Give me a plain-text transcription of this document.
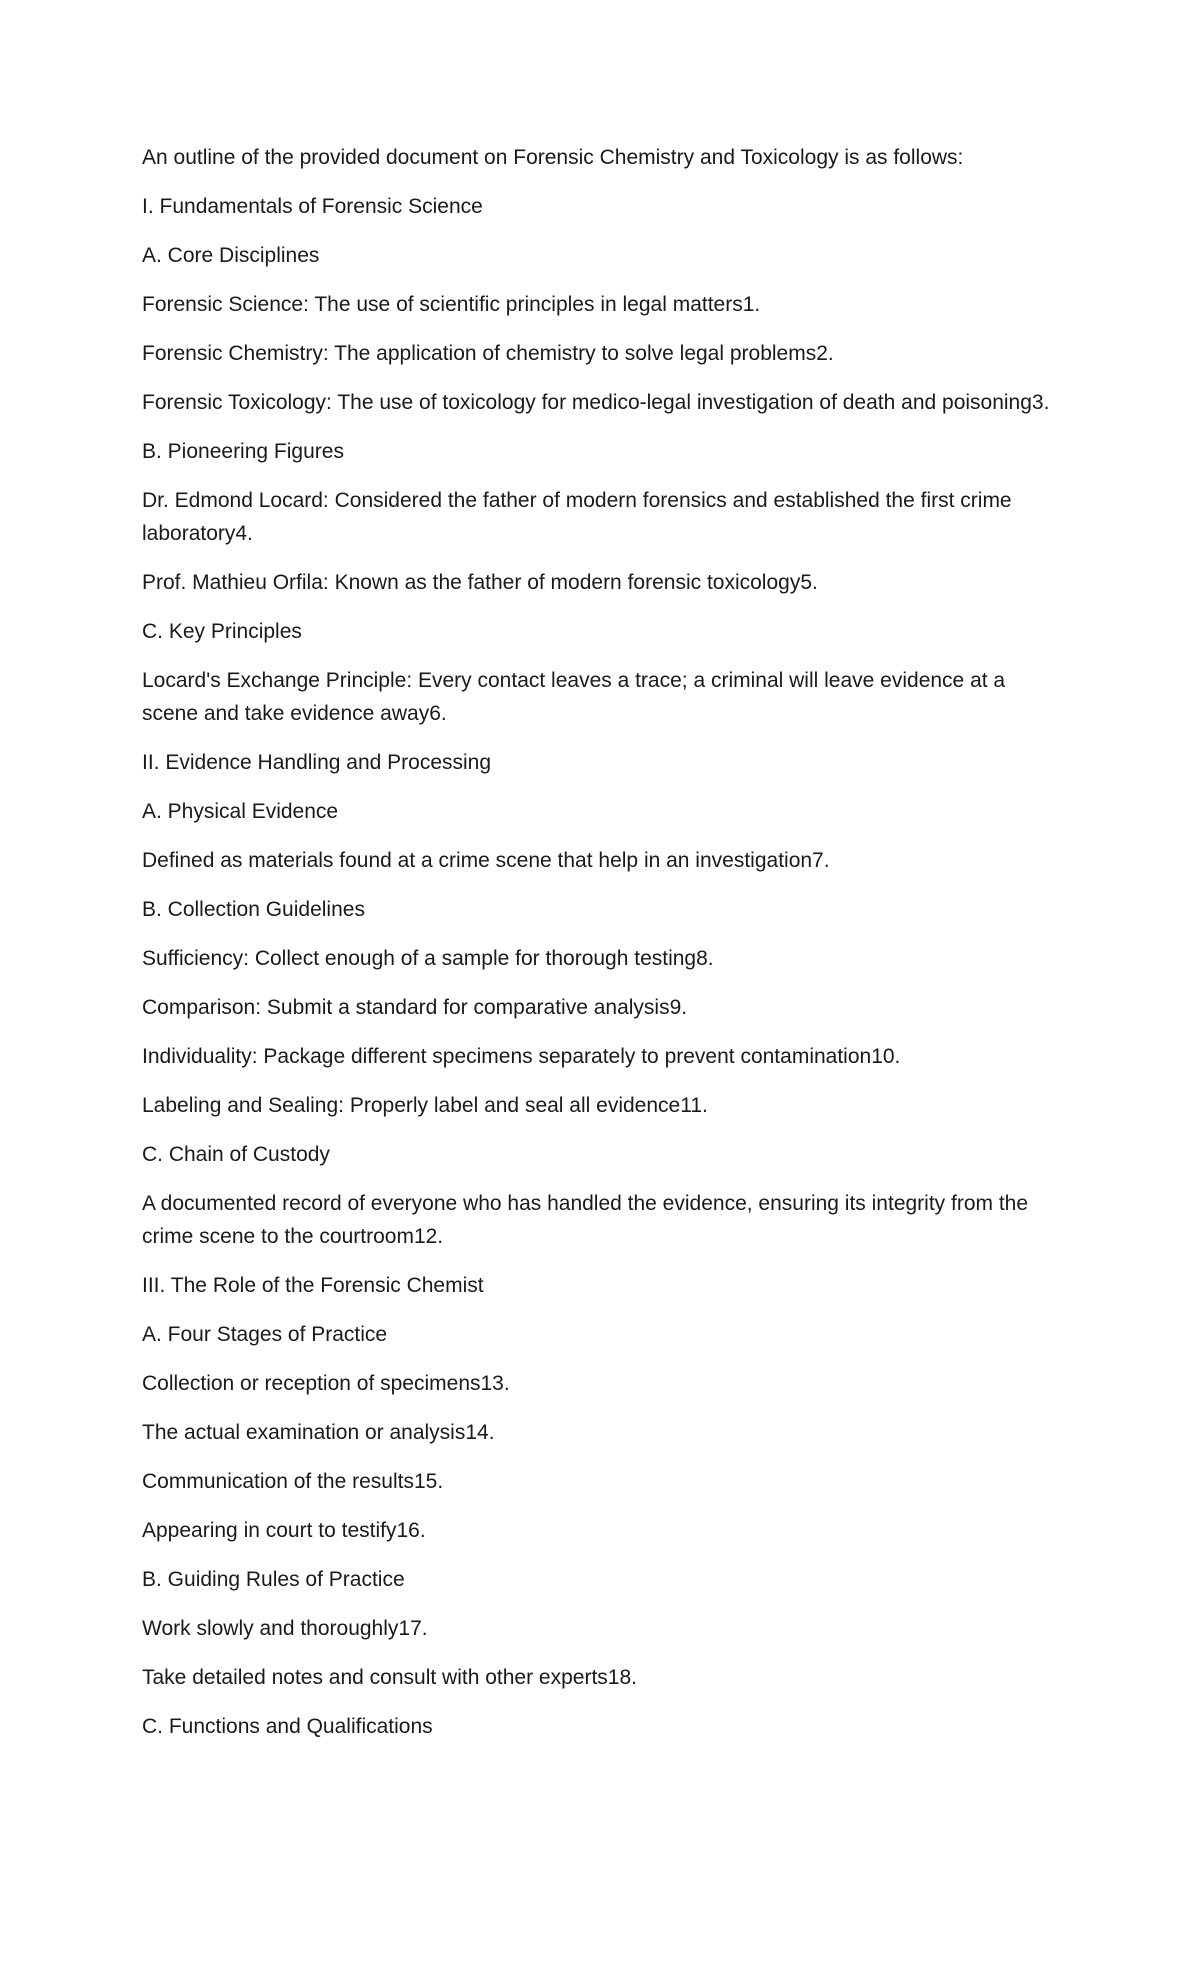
An outline of the provided document on Forensic Chemistry and Toxicology is as follows:

I. Fundamentals of Forensic Science

A. Core Disciplines

Forensic Science: The use of scientific principles in legal matters1.

Forensic Chemistry: The application of chemistry to solve legal problems2.

Forensic Toxicology: The use of toxicology for medico-legal investigation of death and poisoning3.

B. Pioneering Figures

Dr. Edmond Locard: Considered the father of modern forensics and established the first crime laboratory4.

Prof. Mathieu Orfila: Known as the father of modern forensic toxicology5.

C. Key Principles

Locard's Exchange Principle: Every contact leaves a trace; a criminal will leave evidence at a scene and take evidence away6.

II. Evidence Handling and Processing

A. Physical Evidence

Defined as materials found at a crime scene that help in an investigation7.

B. Collection Guidelines

Sufficiency: Collect enough of a sample for thorough testing8.

Comparison: Submit a standard for comparative analysis9.

Individuality: Package different specimens separately to prevent contamination10.

Labeling and Sealing: Properly label and seal all evidence11.

C. Chain of Custody

A documented record of everyone who has handled the evidence, ensuring its integrity from the crime scene to the courtroom12.

III. The Role of the Forensic Chemist

A. Four Stages of Practice

Collection or reception of specimens13.

The actual examination or analysis14.

Communication of the results15.

Appearing in court to testify16.

B. Guiding Rules of Practice

Work slowly and thoroughly17.

Take detailed notes and consult with other experts18.

C. Functions and Qualifications
